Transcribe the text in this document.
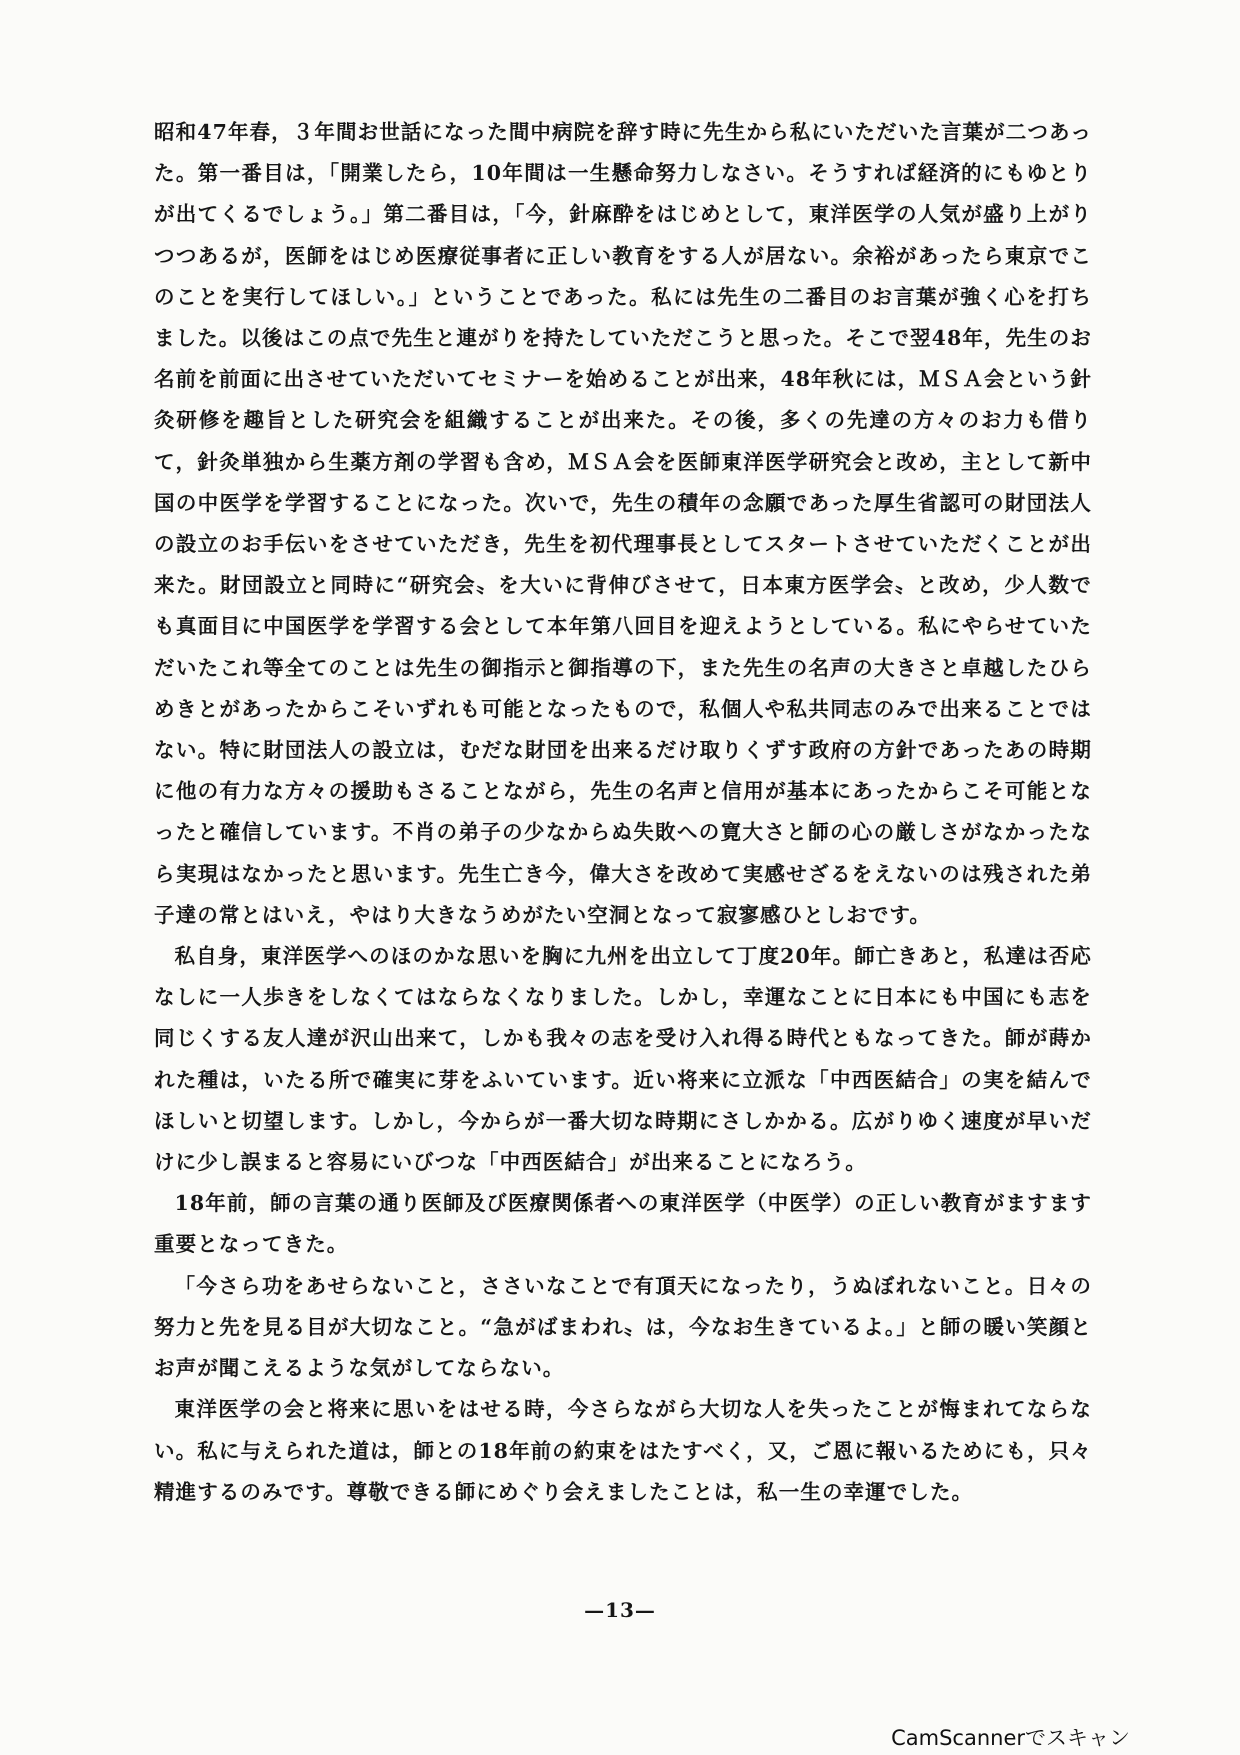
昭和47年春，３年間お世話になった間中病院を辞す時に先生から私にいただいた言葉が二つあった。第一番目は，「開業したら，10年間は一生懸命努力しなさい。そうすれば経済的にもゆとりが出てくるでしょう。」第二番目は，「今，針麻酔をはじめとして，東洋医学の人気が盛り上がりつつあるが，医師をはじめ医療従事者に正しい教育をする人が居ない。余裕があったら東京でこのことを実行してほしい。」ということであった。私には先生の二番目のお言葉が強く心を打ちました。以後はこの点で先生と連がりを持たしていただこうと思った。そこで翌48年，先生のお名前を前面に出させていただいてセミナーを始めることが出来，48年秋には，ＭＳＡ会という針灸研修を趣旨とした研究会を組織することが出来た。その後，多くの先達の方々のお力も借りて，針灸単独から生薬方剤の学習も含め，ＭＳＡ会を医師東洋医学研究会と改め，主として新中国の中医学を学習することになった。次いで，先生の積年の念願であった厚生省認可の財団法人の設立のお手伝いをさせていただき，先生を初代理事長としてスタートさせていただくことが出来た。財団設立と同時に“研究会〟を大いに背伸びさせて，日本東方医学会〟と改め，少人数でも真面目に中国医学を学習する会として本年第八回目を迎えようとしている。私にやらせていただいたこれ等全てのことは先生の御指示と御指導の下，また先生の名声の大きさと卓越したひらめきとがあったからこそいずれも可能となったもので，私個人や私共同志のみで出来ることではない。特に財団法人の設立は，むだな財団を出来るだけ取りくずす政府の方針であったあの時期に他の有力な方々の援助もさることながら，先生の名声と信用が基本にあったからこそ可能となったと確信しています。不肖の弟子の少なからぬ失敗への寛大さと師の心の厳しさがなかったなら実現はなかったと思います。先生亡き今，偉大さを改めて実感せざるをえないのは残された弟子達の常とはいえ，やはり大きなうめがたい空洞となって寂寥感ひとしおです。

私自身，東洋医学へのほのかな思いを胸に九州を出立して丁度20年。師亡きあと，私達は否応なしに一人歩きをしなくてはならなくなりました。しかし，幸運なことに日本にも中国にも志を同じくする友人達が沢山出来て，しかも我々の志を受け入れ得る時代ともなってきた。師が蒔かれた種は，いたる所で確実に芽をふいています。近い将来に立派な「中西医結合」の実を結んでほしいと切望します。しかし，今からが一番大切な時期にさしかかる。広がりゆく速度が早いだけに少し誤まると容易にいびつな「中西医結合」が出来ることになろう。

18年前，師の言葉の通り医師及び医療関係者への東洋医学（中医学）の正しい教育がますます重要となってきた。

「今さら功をあせらないこと，ささいなことで有頂天になったり，うぬぼれないこと。日々の努力と先を見る目が大切なこと。“急がばまわれ〟は，今なお生きているよ。」と師の暖い笑顔とお声が聞こえるような気がしてならない。

東洋医学の会と将来に思いをはせる時，今さらながら大切な人を失ったことが悔まれてならない。私に与えられた道は，師との18年前の約束をはたすべく，又，ご恩に報いるためにも，只々精進するのみです。尊敬できる師にめぐり会えましたことは，私一生の幸運でした。

—13—
CamScannerでスキャン
